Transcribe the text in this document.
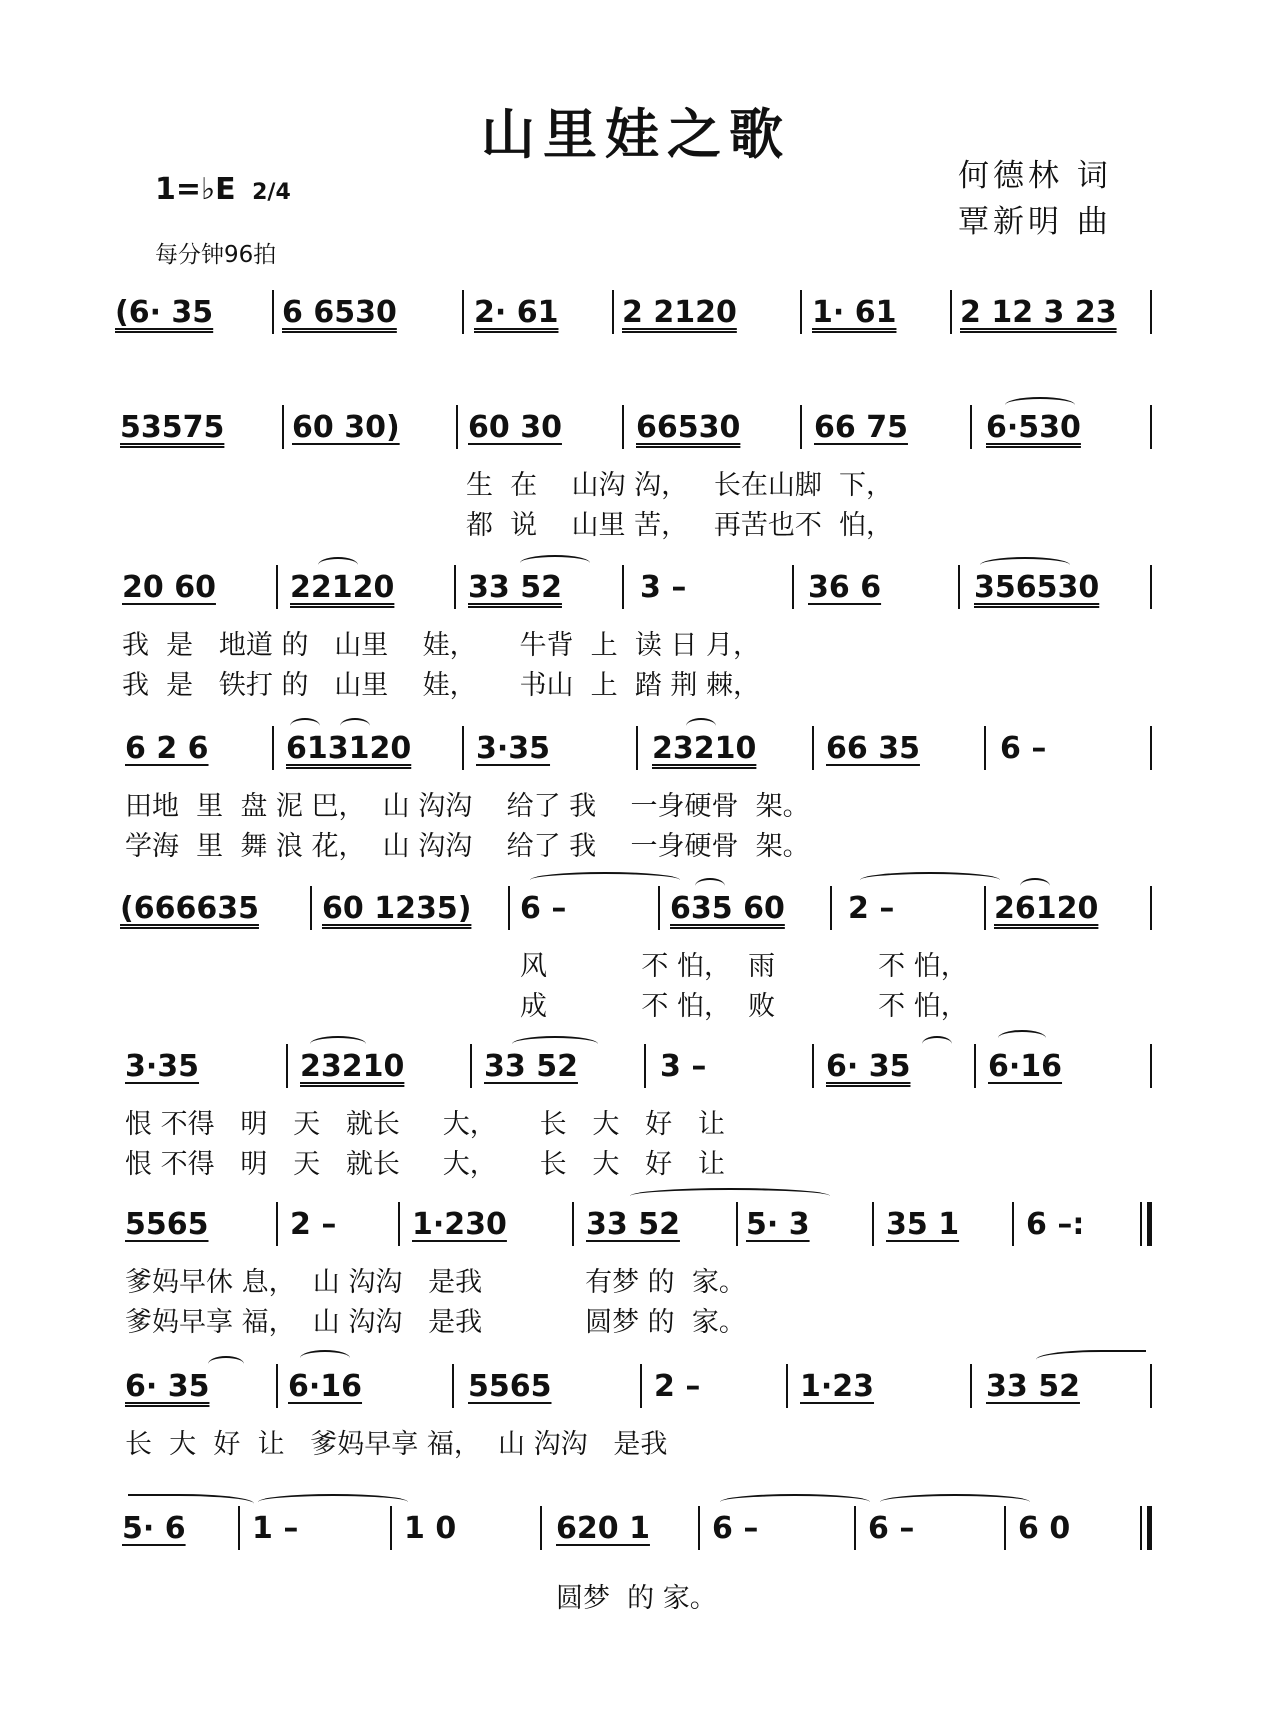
山里娃之歌
1=♭E 2/4
每分钟96拍
何德林 词
覃新明 曲
(6· 35 6 6530	2· 61 2 2120	1· 61 2 12 3 23
53575 60 30) 60 30 66530 66 75	6·530
生  在    山沟 沟，   长在山脚  下，
都  说    山里 苦，   再苦也不  怕，
20 60 22120 33 52	3 –	36 6	356530
我  是   地道 的   山里    娃，     牛背  上  读 日 月，
我  是   铁打 的   山里    娃，     书山  上  踏 荆 棘，
6 2 6	613120 3·35	23210 66 35	6 –
田地  里  盘 泥 巴，  山 沟沟    给了 我    一身硬骨  架。
学海  里  舞 浪 花，  山 沟沟    给了 我    一身硬骨  架。
(666635 60 1235) 6 –	635 60 2 –	26120
风           不 怕，  雨            不 怕，
成           不 怕，  败            不 怕，
3·35	23210	33 52	3 –	6· 35	6·16
恨 不得   明   天   就长     大，     长   大   好   让
恨 不得   明   天   就长     大，     长   大   好   让
5565	2 –	1·230	33 52 5· 3	35 1 6 –:
爹妈早休 息，  山 沟沟   是我            有梦 的  家。
爹妈早享 福，  山 沟沟   是我            圆梦 的  家。
6· 35	6·16	5565	2 –	1·23	33 52
长  大  好  让   爹妈早享 福，  山 沟沟   是我
5· 6 1 –	1 0	620 1 6 –	6 –	6 0
圆梦  的 家。
